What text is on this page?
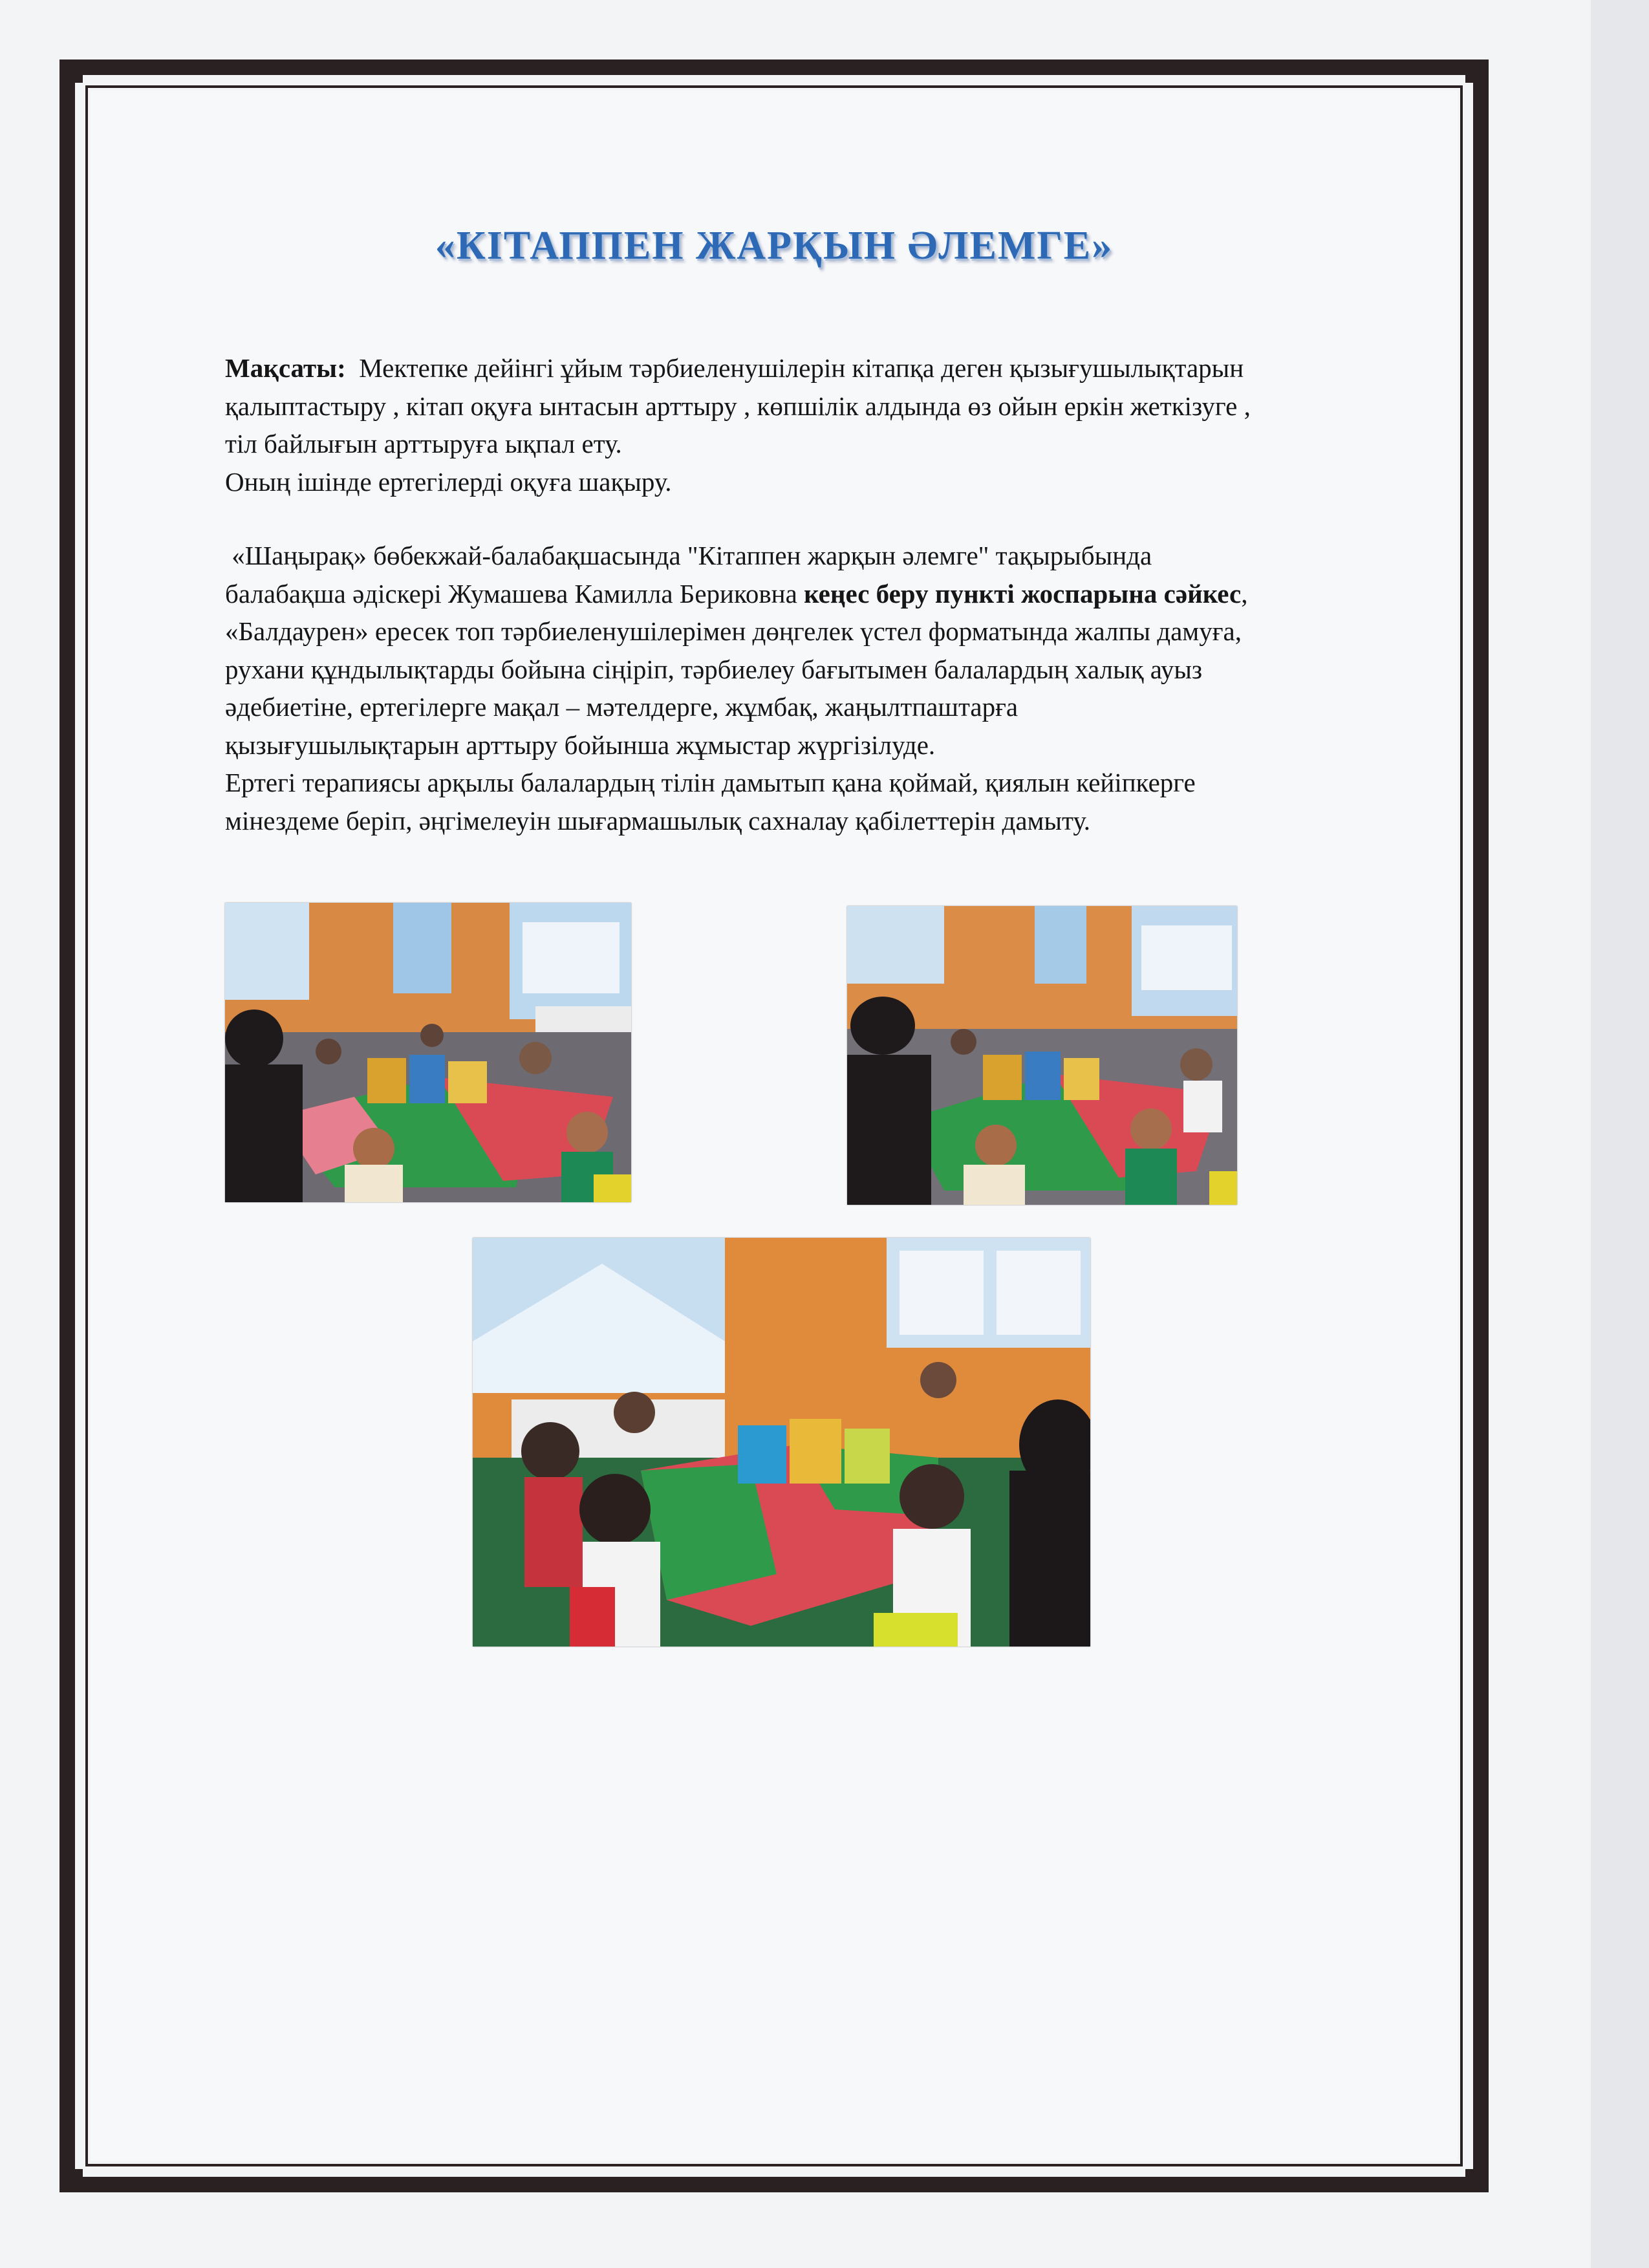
«КІТАППЕН ЖАРҚЫН ӘЛЕМГЕ»

Мақсаты:  Мектепке дейінгі ұйым тәрбиеленушілерін кітапқа деген қызығушылықтарын

қалыптастыру , кітап оқуға ынтасын арттыру , көпшілік алдында өз ойын еркін жеткізуге ,

тіл байлығын арттыруға ықпал ету.

Оның ішінде ертегілерді оқуға шақыру.

«Шаңырақ» бөбекжай-балабақшасында "Кітаппен жарқын әлемге" тақырыбында

балабақша әдіскері Жумашева Камилла Бериковна кеңес беру пункті жоспарына сәйкес,

«Балдаурен» ересек топ тәрбиеленушілерімен дөңгелек үстел форматында жалпы дамуға,

рухани құндылықтарды бойына сіңіріп, тәрбиелеу бағытымен балалардың халық ауыз

әдебиетіне, ертегілерге мақал – мәтелдерге, жұмбақ, жаңылтпаштарға

қызығушылықтарын арттыру бойынша жұмыстар жүргізілуде.

Ертегі терапиясы арқылы балалардың тілін дамытып қана қоймай, қиялын кейіпкерге

мінездеме беріп, әңгімелеуін шығармашылық сахналау қабілеттерін дамыту.
